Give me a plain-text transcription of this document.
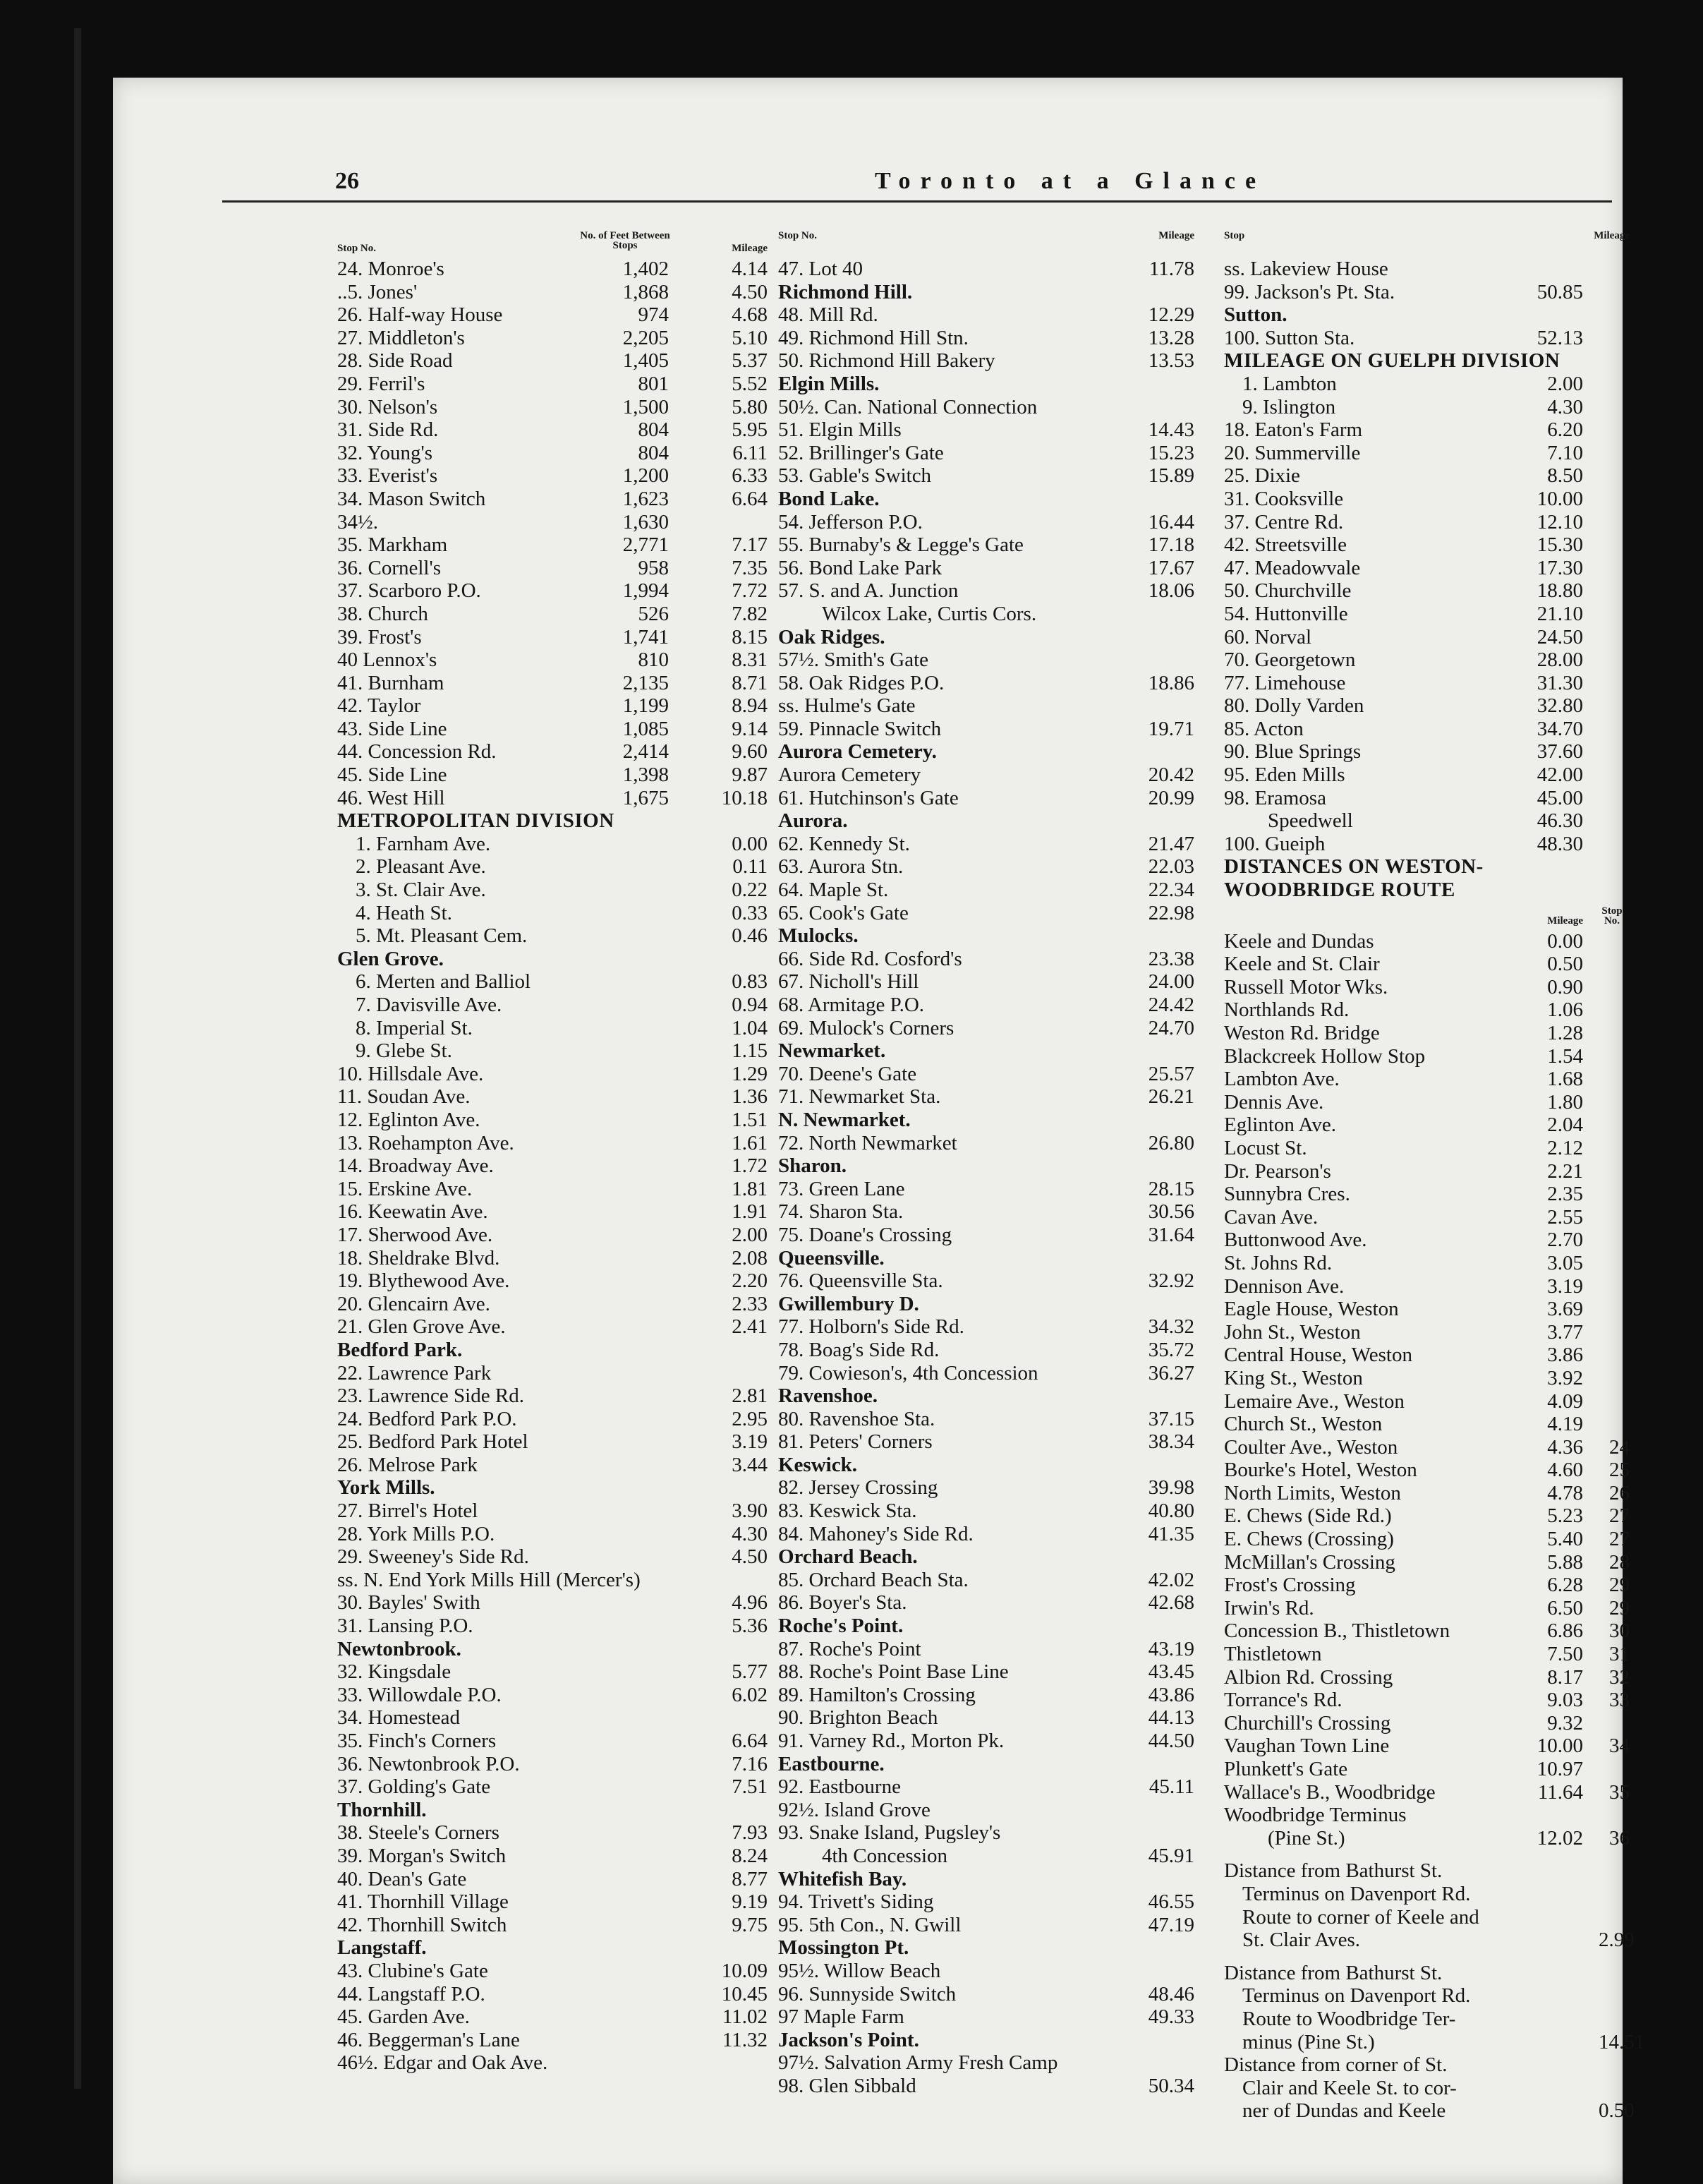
26	Toronto at a Glance
Stop No.
No. of Feet Between Stops	Mileage
24. Monroe's	1,402	4.14
..5. Jones'	1,868	4.50
26. Half-way House	974	4.68
27. Middleton's	2,205	5.10
28. Side Road	1,405	5.37
29. Ferril's	801	5.52
30. Nelson's	1,500	5.80
31. Side Rd.	804	5.95
32. Young's	804	6.11
33. Everist's	1,200	6.33
34. Mason Switch	1,623	6.64
34½.	1,630
35. Markham	2,771	7.17
36. Cornell's	958	7.35
37. Scarboro P.O.	1,994	7.72
38. Church	526	7.82
39. Frost's	1,741	8.15
40 Lennox's	810	8.31
41. Burnham	2,135	8.71
42. Taylor	1,199	8.94
43. Side Line	1,085	9.14
44. Concession Rd.	2,414	9.60
45. Side Line	1,398	9.87
46. West Hill	1,675	10.18
METROPOLITAN DIVISION
1. Farnham Ave.	0.00
2. Pleasant Ave.	0.11
3. St. Clair Ave.	0.22
4. Heath St.	0.33
5. Mt. Pleasant Cem.	0.46
Glen Grove.
6. Merten and Balliol	0.83
7. Davisville Ave.	0.94
8. Imperial St.	1.04
9. Glebe St.	1.15
10. Hillsdale Ave.	1.29
11. Soudan Ave.	1.36
12. Eglinton Ave.	1.51
13. Roehampton Ave.	1.61
14. Broadway Ave.	1.72
15. Erskine Ave.	1.81
16. Keewatin Ave.	1.91
17. Sherwood Ave.	2.00
18. Sheldrake Blvd.	2.08
19. Blythewood Ave.	2.20
20. Glencairn Ave.	2.33
21. Glen Grove Ave.	2.41
Bedford Park.
22. Lawrence Park
23. Lawrence Side Rd.	2.81
24. Bedford Park P.O.	2.95
25. Bedford Park Hotel	3.19
26. Melrose Park	3.44
York Mills.
27. Birrel's Hotel	3.90
28. York Mills P.O.	4.30
29. Sweeney's Side Rd.	4.50
ss. N. End York Mills Hill (Mercer's)
30. Bayles' Swith	4.96
31. Lansing P.O.	5.36
Newtonbrook.
32. Kingsdale	5.77
33. Willowdale P.O.	6.02
34. Homestead
35. Finch's Corners	6.64
36. Newtonbrook P.O.	7.16
37. Golding's Gate	7.51
Thornhill.
38. Steele's Corners	7.93
39. Morgan's Switch	8.24
40. Dean's Gate	8.77
41. Thornhill Village	9.19
42. Thornhill Switch	9.75
Langstaff.
43. Clubine's Gate	10.09
44. Langstaff P.O.	10.45
45. Garden Ave.	11.02
46. Beggerman's Lane	11.32
46½. Edgar and Oak Ave.
Stop No.	Mileage
47. Lot 40	11.78
Richmond Hill.
48. Mill Rd.	12.29
49. Richmond Hill Stn.	13.28
50. Richmond Hill Bakery	13.53
Elgin Mills.
50½. Can. National Connection
51. Elgin Mills	14.43
52. Brillinger's Gate	15.23
53. Gable's Switch	15.89
Bond Lake.
54. Jefferson P.O.	16.44
55. Burnaby's & Legge's Gate	17.18
56. Bond Lake Park	17.67
57. S. and A. Junction	18.06
Wilcox Lake, Curtis Cors.
Oak Ridges.
57½. Smith's Gate
58. Oak Ridges P.O.	18.86
ss. Hulme's Gate
59. Pinnacle Switch	19.71
Aurora Cemetery.
Aurora Cemetery	20.42
61. Hutchinson's Gate	20.99
Aurora.
62. Kennedy St.	21.47
63. Aurora Stn.	22.03
64. Maple St.	22.34
65. Cook's Gate	22.98
Mulocks.
66. Side Rd. Cosford's	23.38
67. Nicholl's Hill	24.00
68. Armitage P.O.	24.42
69. Mulock's Corners	24.70
Newmarket.
70. Deene's Gate	25.57
71. Newmarket Sta.	26.21
N. Newmarket.
72. North Newmarket	26.80
Sharon.
73. Green Lane	28.15
74. Sharon Sta.	30.56
75. Doane's Crossing	31.64
Queensville.
76. Queensville Sta.	32.92
Gwillembury D.
77. Holborn's Side Rd.	34.32
78. Boag's Side Rd.	35.72
79. Cowieson's, 4th Concession	36.27
Ravenshoe.
80. Ravenshoe Sta.	37.15
81. Peters' Corners	38.34
Keswick.
82. Jersey Crossing	39.98
83. Keswick Sta.	40.80
84. Mahoney's Side Rd.	41.35
Orchard Beach.
85. Orchard Beach Sta.	42.02
86. Boyer's Sta.	42.68
Roche's Point.
87. Roche's Point	43.19
88. Roche's Point Base Line	43.45
89. Hamilton's Crossing	43.86
90. Brighton Beach	44.13
91. Varney Rd., Morton Pk.	44.50
Eastbourne.
92. Eastbourne	45.11
92½. Island Grove
93. Snake Island, Pugsley's
4th Concession	45.91
Whitefish Bay.
94. Trivett's Siding	46.55
95. 5th Con., N. Gwill	47.19
Mossington Pt.
95½. Willow Beach
96. Sunnyside Switch	48.46
97 Maple Farm	49.33
Jackson's Point.
97½. Salvation Army Fresh Camp
98. Glen Sibbald	50.34
Stop	Mileage
ss. Lakeview House
99. Jackson's Pt. Sta.	50.85
Sutton.
100. Sutton Sta.	52.13
MILEAGE ON GUELPH DIVISION
1. Lambton	2.00
9. Islington	4.30
18. Eaton's Farm	6.20
20. Summerville	7.10
25. Dixie	8.50
31. Cooksville	10.00
37. Centre Rd.	12.10
42. Streetsville	15.30
47. Meadowvale	17.30
50. Churchville	18.80
54. Huttonville	21.10
60. Norval	24.50
70. Georgetown	28.00
77. Limehouse	31.30
80. Dolly Varden	32.80
85. Acton	34.70
90. Blue Springs	37.60
95. Eden Mills	42.00
98. Eramosa	45.00
Speedwell	46.30
100. Gueiph	48.30
DISTANCES ON WESTON-
WOODBRIDGE ROUTE
Mileage
Stop No.
Keele and Dundas	0.00
Keele and St. Clair	0.50
Russell Motor Wks.	0.90
Northlands Rd.	1.06
Weston Rd. Bridge	1.28
Blackcreek Hollow Stop	1.54
Lambton Ave.	1.68
Dennis Ave.	1.80
Eglinton Ave.	2.04
Locust St.	2.12
Dr. Pearson's	2.21
Sunnybra Cres.	2.35
Cavan Ave.	2.55
Buttonwood Ave.	2.70
St. Johns Rd.	3.05
Dennison Ave.	3.19
Eagle House, Weston	3.69
John St., Weston	3.77
Central House, Weston	3.86
King St., Weston	3.92
Lemaire Ave., Weston	4.09
Church St., Weston	4.19
Coulter Ave., Weston	4.36	24
Bourke's Hotel, Weston	4.60	25
North Limits, Weston	4.78	26
E. Chews (Side Rd.)	5.23	27
E. Chews (Crossing)	5.40	27
McMillan's Crossing	5.88	28
Frost's Crossing	6.28	29
Irwin's Rd.	6.50	29
Concession B., Thistletown	6.86	30
Thistletown	7.50	31
Albion Rd. Crossing	8.17	32
Torrance's Rd.	9.03	33
Churchill's Crossing	9.32
Vaughan Town Line	10.00	34
Plunkett's Gate	10.97
Wallace's B., Woodbridge	11.64	35
Woodbridge Terminus
(Pine St.)	12.02	36
Distance from Bathurst St.
Terminus on Davenport Rd.
Route to corner of Keele and
St. Clair Aves.	2.99
Distance from Bathurst St.
Terminus on Davenport Rd.
Route to Woodbridge Ter-
minus (Pine St.)	14.51
Distance from corner of St.
Clair and Keele St. to cor-
ner of Dundas and Keele	0.50
